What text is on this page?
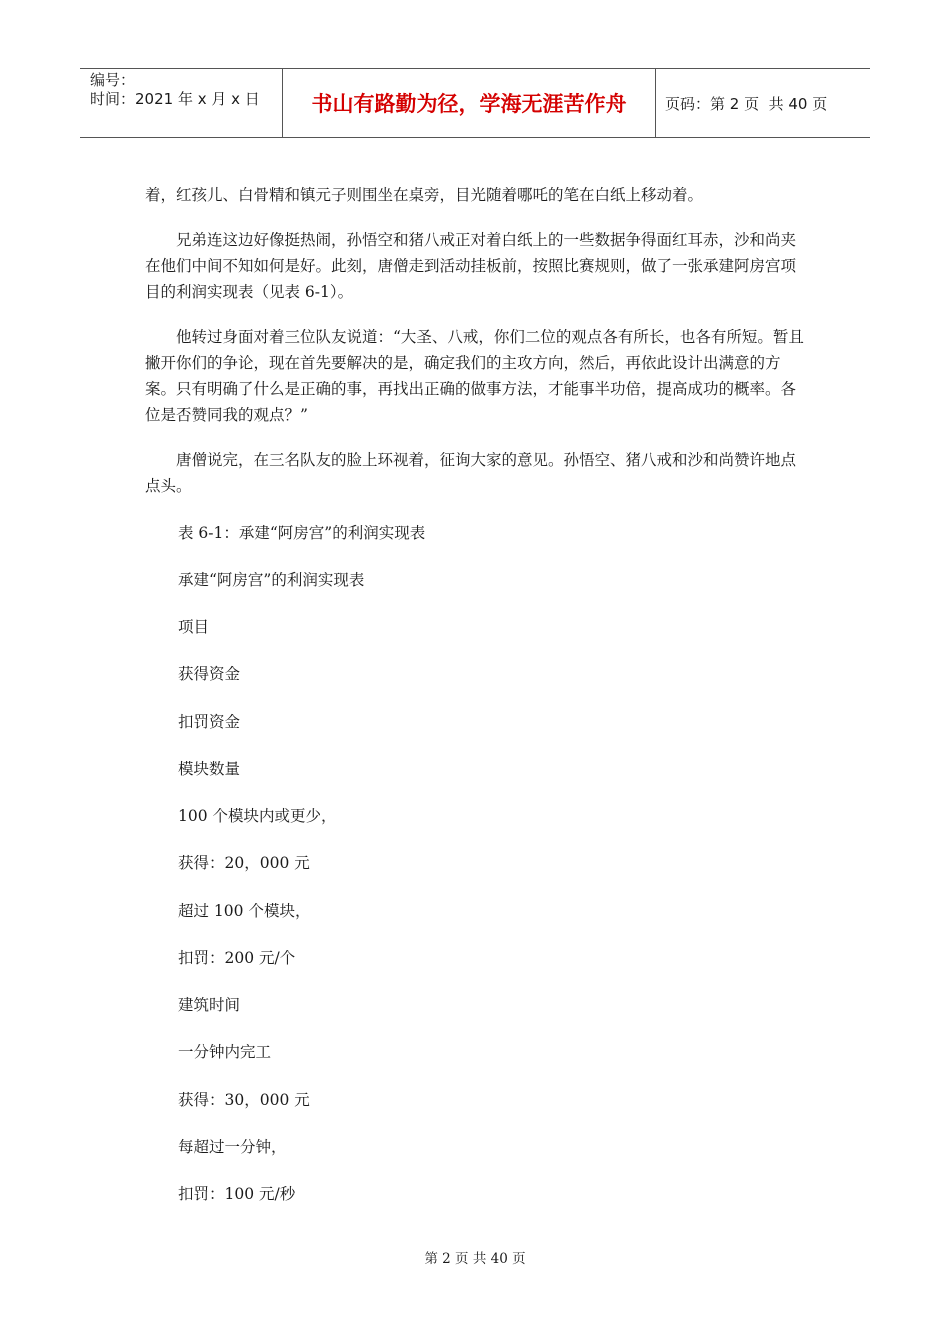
编号：
时间：2021 年 x 月 x 日	书山有路勤为径，学海无涯苦作舟	页码：第 2 页  共 40 页

着，红孩儿、白骨精和镇元子则围坐在桌旁，目光随着哪吒的笔在白纸上移动着。

兄弟连这边好像挺热闹，孙悟空和猪八戒正对着白纸上的一些数据争得面红耳赤，沙和尚夹在他们中间不知如何是好。此刻，唐僧走到活动挂板前，按照比赛规则，做了一张承建阿房宫项目的利润实现表（见表 6-1）。

他转过身面对着三位队友说道：“大圣、八戒，你们二位的观点各有所长，也各有所短。暂且撇开你们的争论，现在首先要解决的是，确定我们的主攻方向，然后，再依此设计出满意的方案。只有明确了什么是正确的事，再找出正确的做事方法，才能事半功倍，提高成功的概率。各位是否赞同我的观点？”

唐僧说完，在三名队友的脸上环视着，征询大家的意见。孙悟空、猪八戒和沙和尚赞许地点点头。

表 6-1：承建“阿房宫”的利润实现表
承建“阿房宫”的利润实现表
项目
获得资金
扣罚资金
模块数量
100 个模块内或更少，
获得：20，000 元
超过 100 个模块，
扣罚：200 元/个
建筑时间
一分钟内完工
获得：30，000 元
每超过一分钟，
扣罚：100 元/秒
第 2 页 共 40 页
